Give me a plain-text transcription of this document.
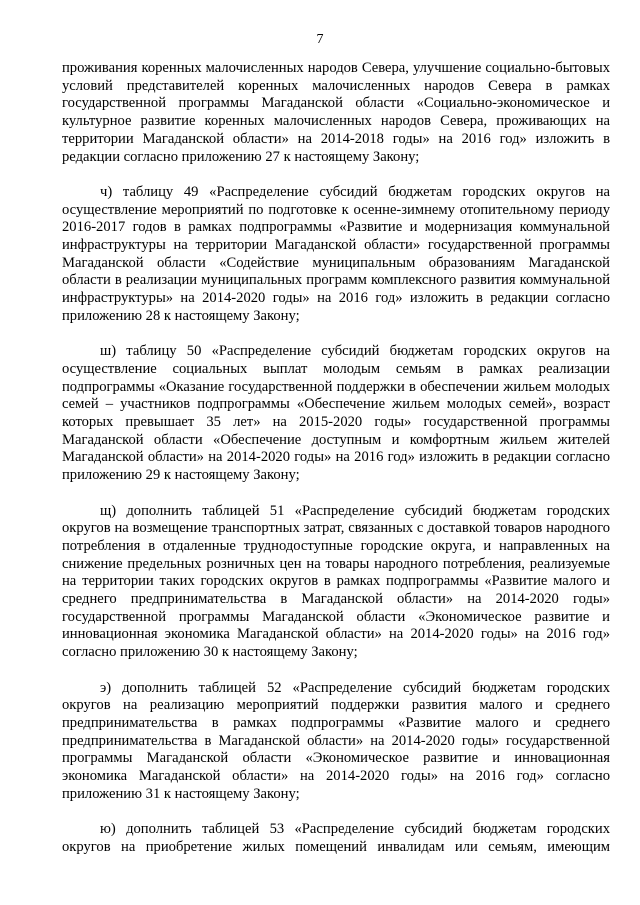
7

проживания коренных малочисленных народов Севера, улучшение социально-бытовых условий представителей коренных малочисленных народов Севера в рамках государственной программы Магаданской области «Социально-экономическое и культурное развитие коренных малочисленных народов Севера, проживающих на территории Магаданской области» на 2014-2018 годы» на 2016 год» изложить в редакции согласно приложению 27 к настоящему Закону;

ч) таблицу 49 «Распределение субсидий бюджетам городских округов на осуществление мероприятий по подготовке к осенне-зимнему отопительному периоду 2016-2017 годов в рамках подпрограммы «Развитие и модернизация коммунальной инфраструктуры на территории Магаданской области» государственной программы Магаданской области «Содействие муниципальным образованиям Магаданской области в реализации муниципальных программ комплексного развития коммунальной инфраструктуры» на 2014-2020 годы» на 2016 год» изложить в редакции согласно приложению 28 к настоящему Закону;

ш) таблицу 50 «Распределение субсидий бюджетам городских округов на осуществление социальных выплат молодым семьям в рамках реализации подпрограммы «Оказание государственной поддержки в обеспечении жильем молодых семей – участников подпрограммы «Обеспечение жильем молодых семей», возраст которых превышает 35 лет» на 2015-2020 годы» государственной программы Магаданской области «Обеспечение доступным и комфортным жильем жителей Магаданской области» на 2014-2020 годы» на 2016 год» изложить в редакции согласно приложению 29 к настоящему Закону;

щ) дополнить таблицей 51 «Распределение субсидий бюджетам городских округов на возмещение транспортных затрат, связанных с доставкой товаров народного потребления в отдаленные труднодоступные городские округа, и направленных на снижение предельных розничных цен на товары народного потребления, реализуемые на территории таких городских округов в рамках подпрограммы «Развитие малого и среднего предпринимательства в Магаданской области» на 2014-2020 годы» государственной программы Магаданской области «Экономическое развитие и инновационная экономика Магаданской области» на 2014-2020 годы» на 2016 год» согласно приложению 30 к настоящему Закону;

э) дополнить таблицей 52 «Распределение субсидий бюджетам городских округов на реализацию мероприятий поддержки развития малого и среднего предпринимательства в рамках подпрограммы «Развитие малого и среднего предпринимательства в Магаданской области» на 2014-2020 годы» государственной программы Магаданской области «Экономическое развитие и инновационная экономика Магаданской области» на 2014-2020 годы» на 2016 год» согласно приложению 31 к настоящему Закону;

ю) дополнить таблицей 53 «Распределение субсидий бюджетам городских округов на приобретение жилых помещений инвалидам или семьям, имеющим
